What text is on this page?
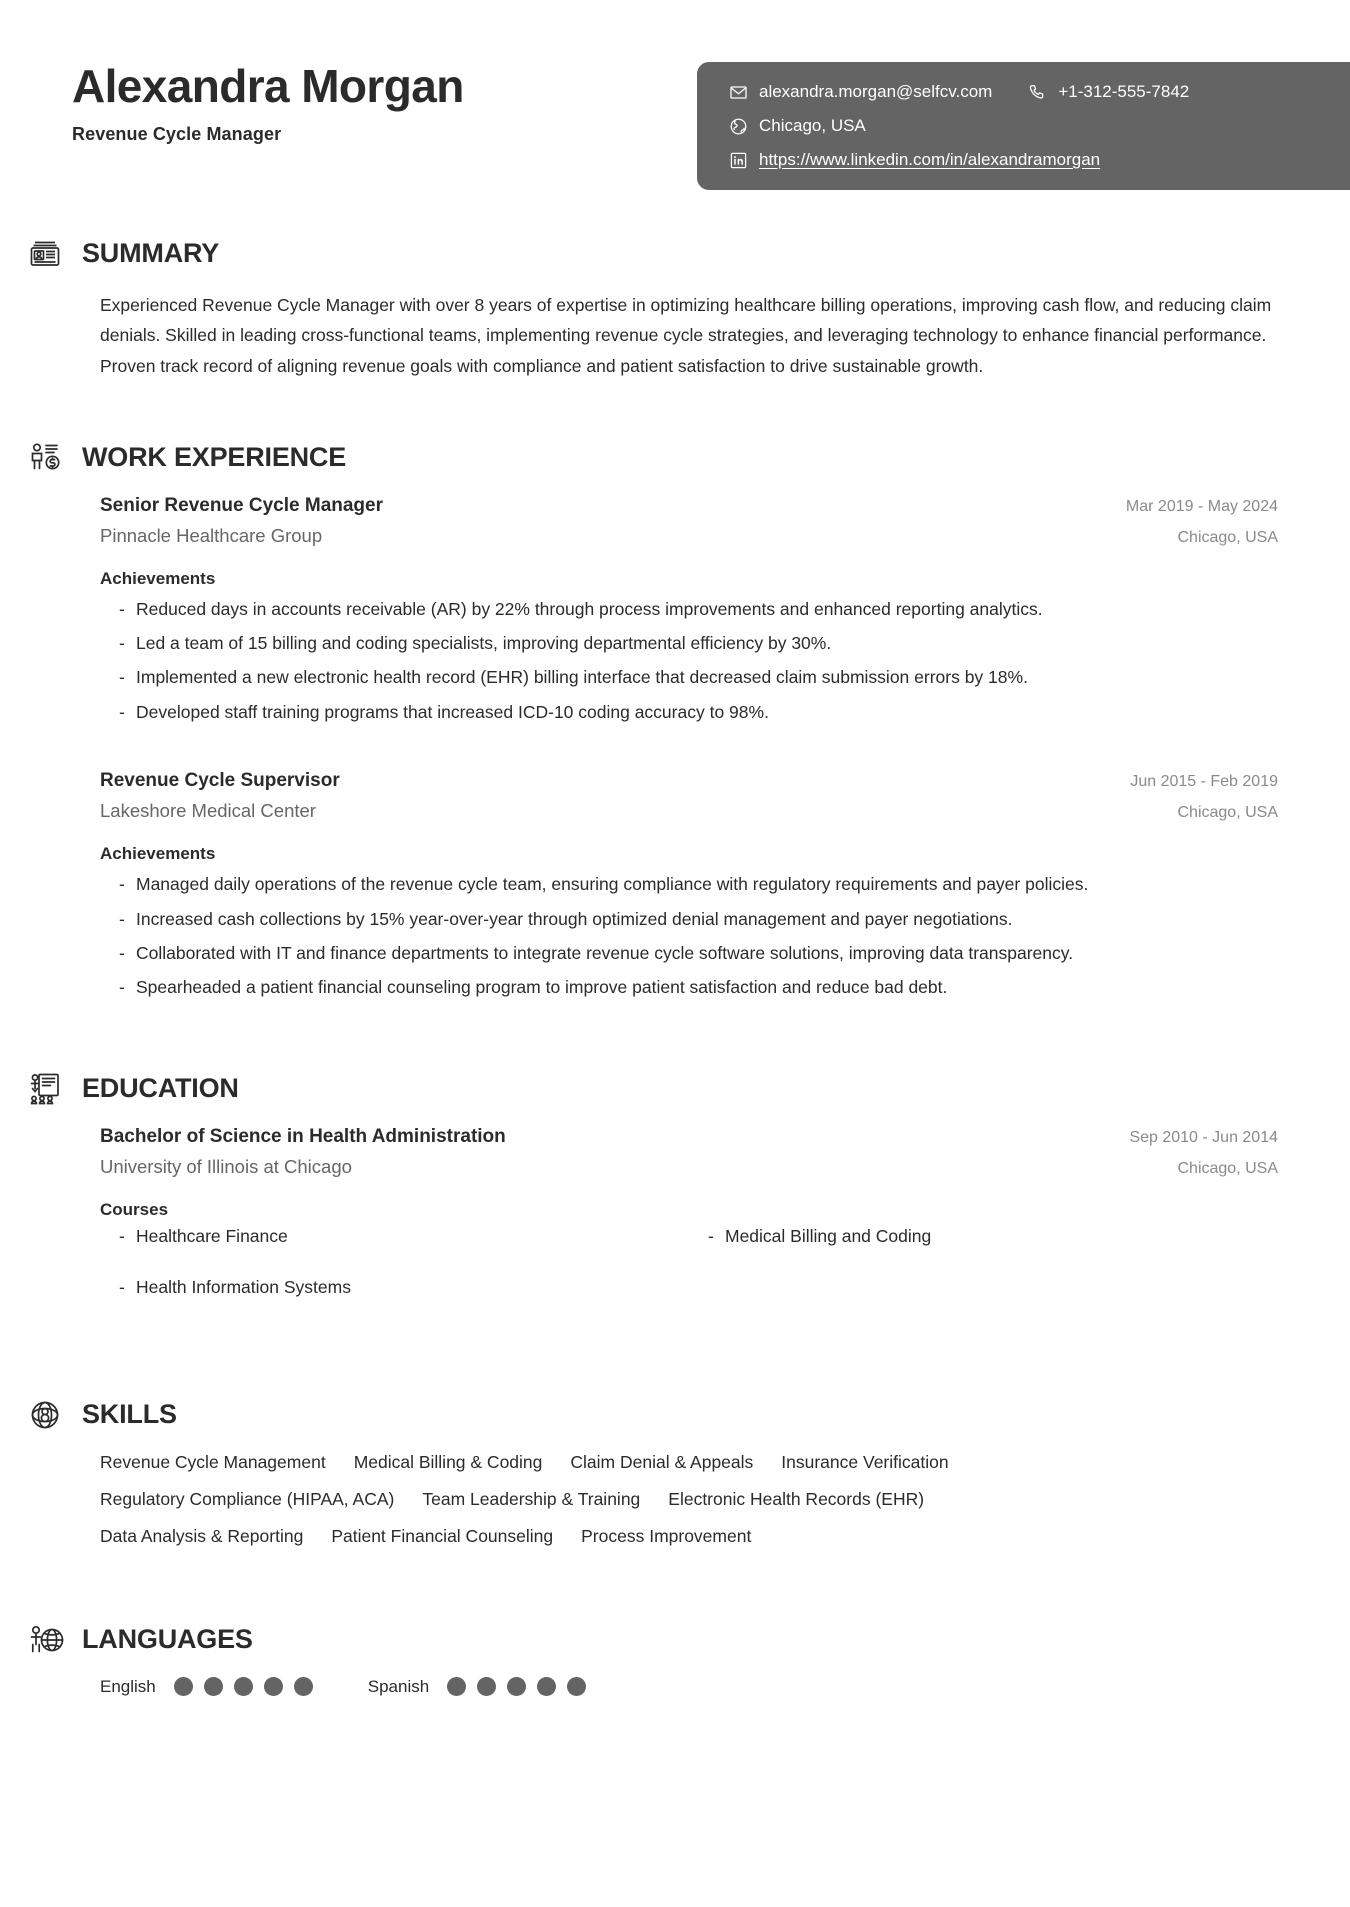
Alexandra Morgan
Revenue Cycle Manager
alexandra.morgan@selfcv.com	+1-312-555-7842
Chicago, USA
https://www.linkedin.com/in/alexandramorgan
SUMMARY

Experienced Revenue Cycle Manager with over 8 years of expertise in optimizing healthcare billing operations, improving cash flow, and reducing claim denials. Skilled in leading cross-functional teams, implementing revenue cycle strategies, and leveraging technology to enhance financial performance. Proven track record of aligning revenue goals with compliance and patient satisfaction to drive sustainable growth.

WORK EXPERIENCE
Senior Revenue Cycle Manager	Mar 2019 - May 2024
Pinnacle Healthcare Group	Chicago, USA
Achievements
- Reduced days in accounts receivable (AR) by 22% through process improvements and enhanced reporting analytics.
- Led a team of 15 billing and coding specialists, improving departmental efficiency by 30%.
- Implemented a new electronic health record (EHR) billing interface that decreased claim submission errors by 18%.
- Developed staff training programs that increased ICD-10 coding accuracy to 98%.
Revenue Cycle Supervisor	Jun 2015 - Feb 2019
Lakeshore Medical Center	Chicago, USA
Achievements
- Managed daily operations of the revenue cycle team, ensuring compliance with regulatory requirements and payer policies.
- Increased cash collections by 15% year-over-year through optimized denial management and payer negotiations.
- Collaborated with IT and finance departments to integrate revenue cycle software solutions, improving data transparency.
- Spearheaded a patient financial counseling program to improve patient satisfaction and reduce bad debt.
EDUCATION
Bachelor of Science in Health Administration	Sep 2010 - Jun 2014
University of Illinois at Chicago	Chicago, USA
Courses
- Healthcare Finance	- Medical Billing and Coding
- Health Information Systems
SKILLS
Revenue Cycle Management Medical Billing & Coding Claim Denial & Appeals Insurance Verification
Regulatory Compliance (HIPAA, ACA) Team Leadership & Training Electronic Health Records (EHR)
Data Analysis & Reporting Patient Financial Counseling Process Improvement
LANGUAGES
English	Spanish
